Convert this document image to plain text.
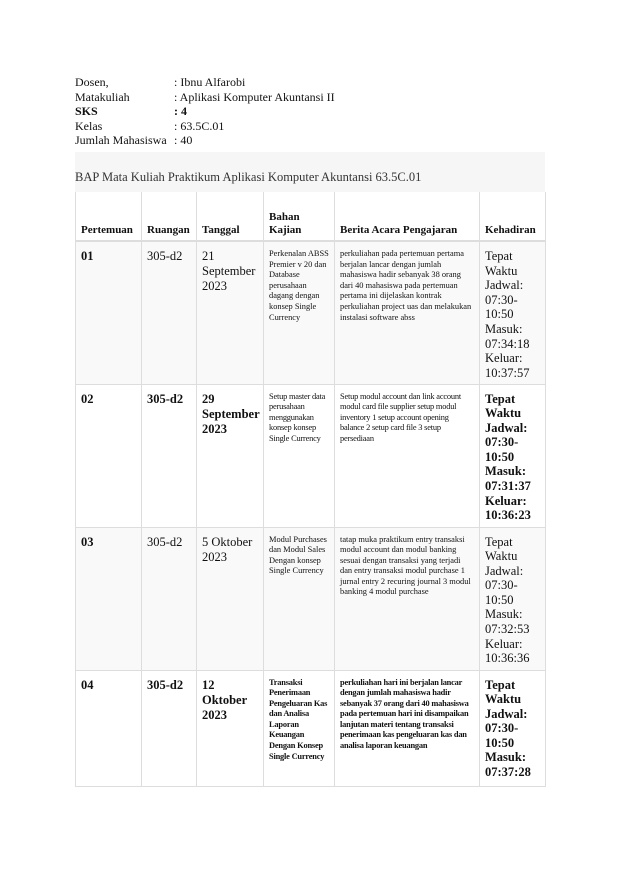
Dosen,	: Ibnu Alfarobi
Matakuliah	: Aplikasi Komputer Akuntansi II
SKS	: 4
Kelas	: 63.5C.01
Jumlah Mahasiswa : 40
BAP Mata Kuliah Praktikum Aplikasi Komputer Akuntansi 63.5C.01
Pertemuan	Ruangan	Tanggal	Bahan Kajian	Berita Acara Pengajaran	Kehadiran
01	305-d2	21 September 2023	Perkenalan ABSS Premier v 20 dan Database perusahaan dagang dengan konsep Single Currency	perkuliahan pada pertemuan pertama berjalan lancar dengan jumlah mahasiswa hadir sebanyak 38 orang dari 40 mahasiswa pada pertemuan pertama ini dijelaskan kontrak perkuliahan project uas dan melakukan instalasi software abss	Tepat Waktu Jadwal: 07:30-10:50 Masuk: 07:34:18 Keluar: 10:37:57
02	305-d2	29 September 2023	Setup master data perusahaan menggunakan konsep konsep Single Currency	Setup modul account dan link account modul card file supplier setup modul inventory 1 setup account opening balance 2 setup card file 3 setup persediaan	Tepat Waktu Jadwal: 07:30-10:50 Masuk: 07:31:37 Keluar: 10:36:23
03	305-d2	5 Oktober 2023	Modul Purchases dan Modul Sales Dengan konsep Single Currency	tatap muka praktikum entry transaksi modul account dan modul banking sesuai dengan transaksi yang terjadi dan entry transaksi modul purchase 1 jurnal entry 2 recuring journal 3 modul banking 4 modul purchase	Tepat Waktu Jadwal: 07:30-10:50 Masuk: 07:32:53 Keluar: 10:36:36
04	305-d2	12 Oktober 2023	Transaksi Penerimaan Pengeluaran Kas dan Analisa Laporan Keuangan Dengan Konsep Single Currency	perkuliahan hari ini berjalan lancar dengan jumlah mahasiswa hadir sebanyak 37 orang dari 40 mahasiswa pada pertemuan hari ini disampaikan lanjutan materi tentang transaksi penerimaan kas pengeluaran kas dan analisa laporan keuangan	Tepat Waktu Jadwal: 07:30-10:50 Masuk: 07:37:28
